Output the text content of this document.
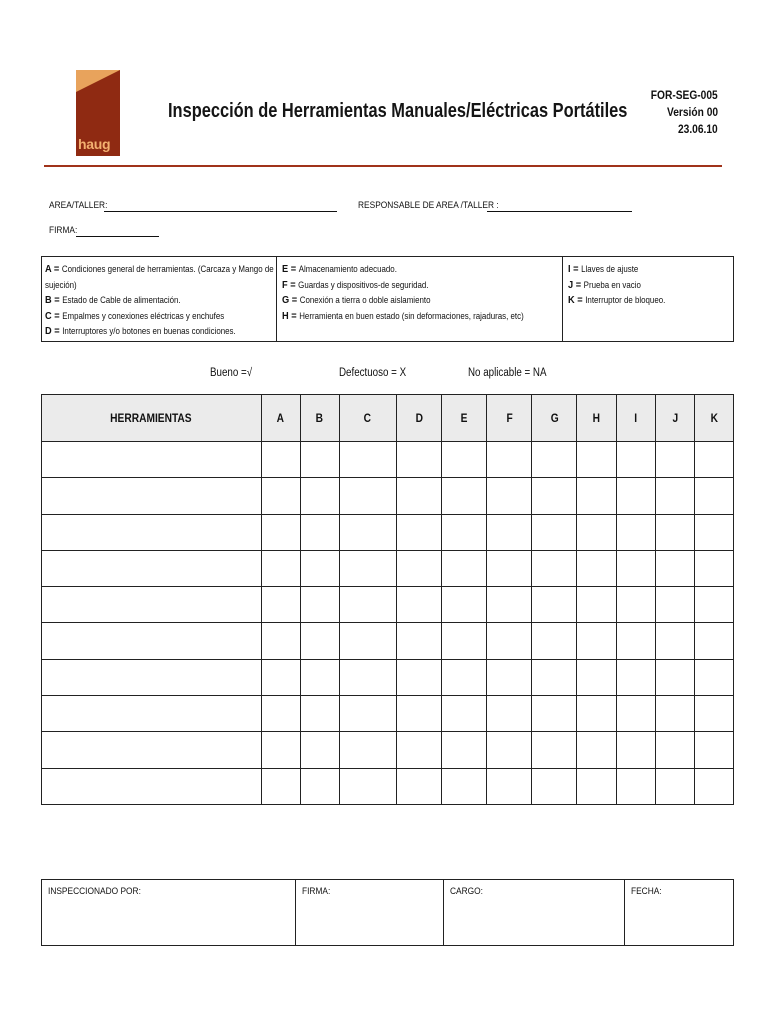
haug
Inspección de Herramientas Manuales/Eléctricas Portátiles
FOR-SEG-005
Versión 00
23.06.10
AREA/TALLER:	RESPONSABLE DE AREA /TALLER :
FIRMA:
A = Condiciones general de herramientas. (Carcaza y Mango de
sujeción)
B = Estado de Cable de alimentación.
C = Empalmes y conexiones eléctricas y enchufes
D = Interruptores y/o botones en buenas condiciones.
E = Almacenamiento adecuado.
F = Guardas y dispositivos-de seguridad.
G = Conexión a tierra o doble aislamiento
H = Herramienta en buen estado (sin deformaciones, rajaduras, etc)
I = Llaves de ajuste
J = Prueba en vacio
K = Interruptor de bloqueo.
Bueno =√	Defectuoso = X	No aplicable = NA
HERRAMIENTAS	A	B	C	D	E	F	G	H	I	J	K

INSPECCIONADO POR:	FIRMA:	CARGO:	FECHA:
